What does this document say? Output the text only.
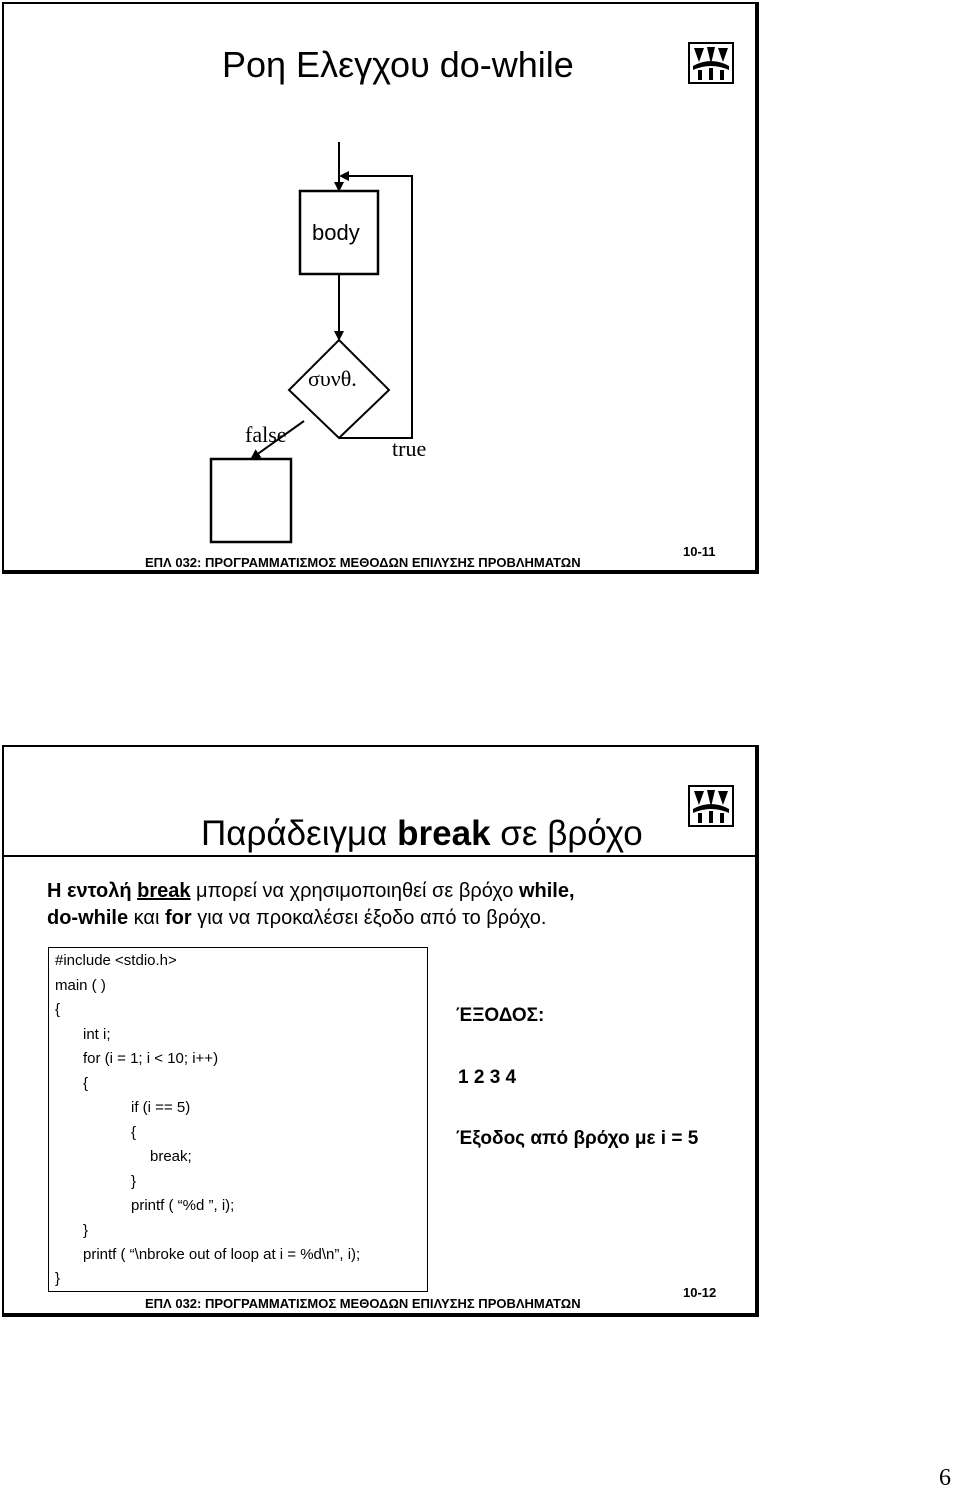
Ροη Ελεγχου do-while
body
συνθ.
false
true
ΕΠΛ 032: ΠΡΟΓΡΑΜΜΑΤΙΣΜΟΣ ΜΕΘΟΔΩΝ ΕΠΙΛΥΣΗΣ ΠΡΟΒΛΗΜΑΤΩΝ
10-11
Παράδειγμα break σε βρόχο
Η εντολή break μπορεί να χρησιμοποιηθεί σε βρόχο while,
do-while και for για να προκαλέσει έξοδο από το βρόχο.
#include <stdio.h>
main ( )
{
int i;
for (i = 1; i < 10; i++)
{
if (i == 5)
{
break;
}
printf ( “%d ”, i);
}
printf ( “\nbroke out of loop at i = %d\n”, i);
}
ΈΞΟΔΟΣ:
1 2 3 4
Έξοδος από βρόχο με i = 5
ΕΠΛ 032: ΠΡΟΓΡΑΜΜΑΤΙΣΜΟΣ ΜΕΘΟΔΩΝ ΕΠΙΛΥΣΗΣ ΠΡΟΒΛΗΜΑΤΩΝ
10-12
6
